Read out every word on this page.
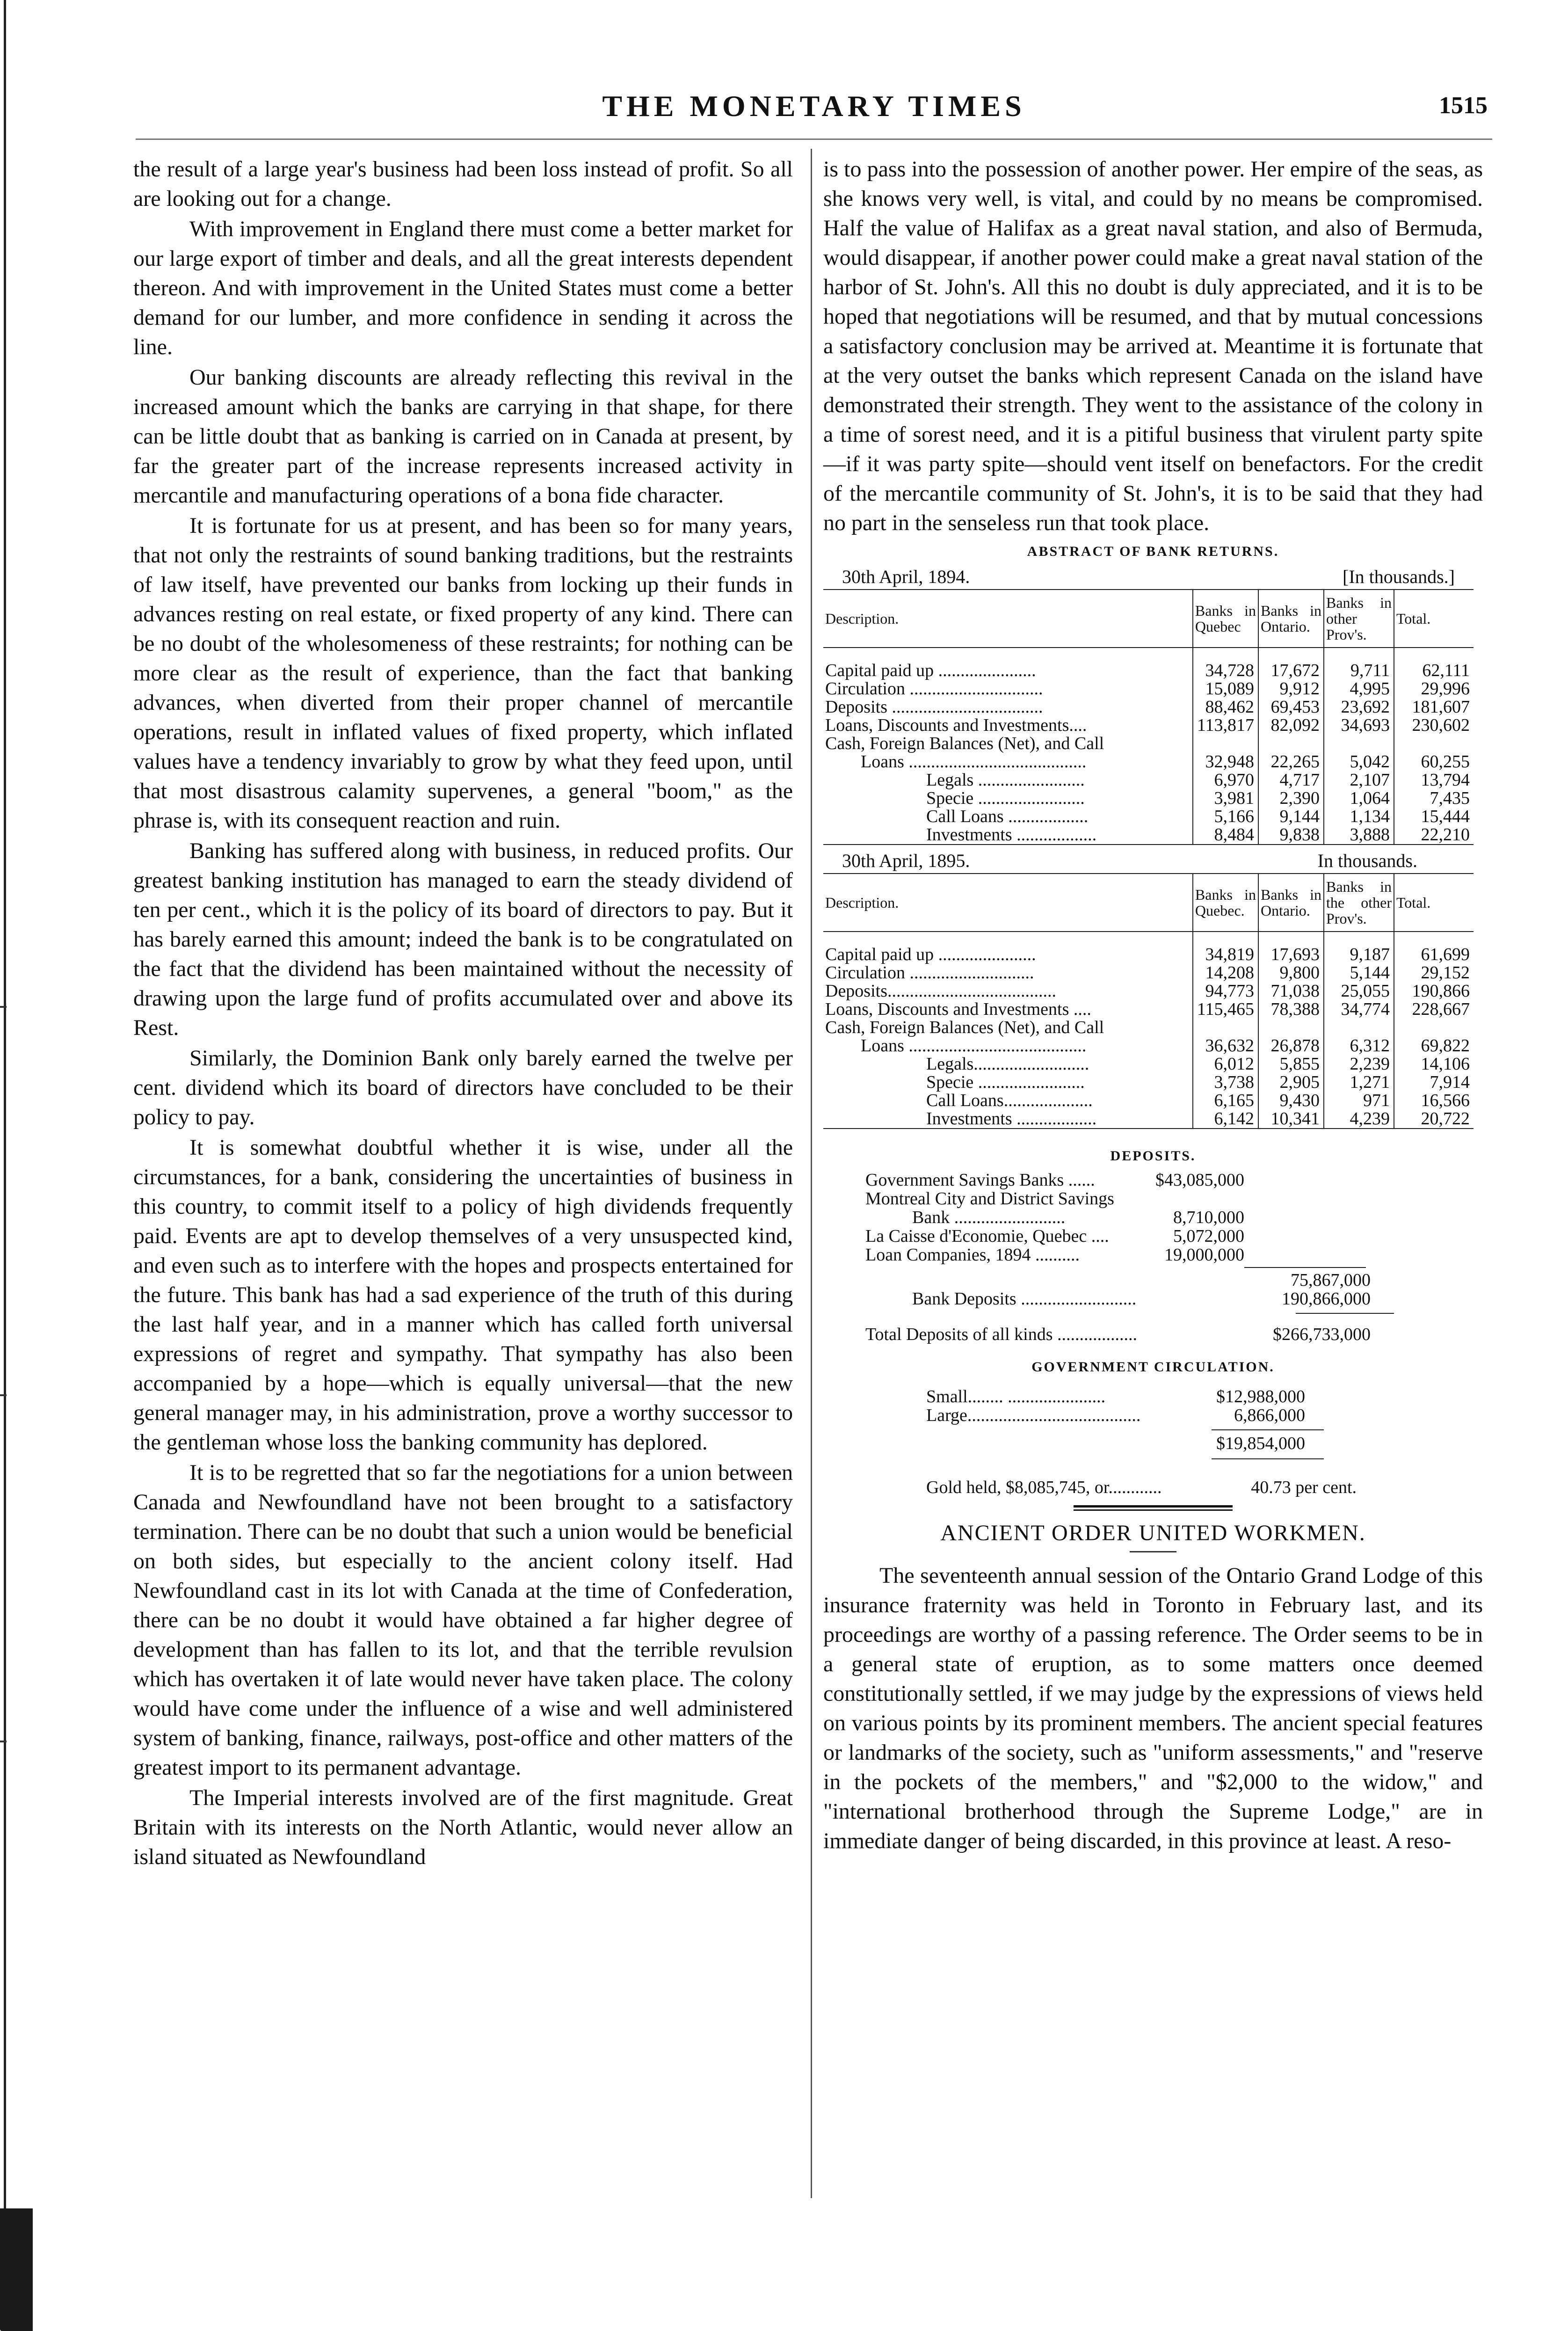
THE MONETARY TIMES	1515

the result of a large year's business had been loss instead of profit. So all are looking out for a change.

With improvement in England there must come a better market for our large export of timber and deals, and all the great interests dependent thereon. And with improvement in the United States must come a better demand for our lumber, and more confidence in sending it across the line.

Our banking discounts are already reflecting this revival in the increased amount which the banks are carrying in that shape, for there can be little doubt that as banking is carried on in Canada at present, by far the greater part of the increase represents increased activity in mercantile and manufacturing operations of a bona fide character.

It is fortunate for us at present, and has been so for many years, that not only the restraints of sound banking traditions, but the restraints of law itself, have prevented our banks from locking up their funds in advances resting on real estate, or fixed property of any kind. There can be no doubt of the wholesomeness of these restraints; for nothing can be more clear as the result of experience, than the fact that banking advances, when diverted from their proper channel of mercantile operations, result in inflated values of fixed property, which inflated values have a tendency invariably to grow by what they feed upon, until that most disastrous calamity supervenes, a general "boom," as the phrase is, with its consequent reaction and ruin.

Banking has suffered along with business, in reduced profits. Our greatest banking institution has managed to earn the steady dividend of ten per cent., which it is the policy of its board of directors to pay. But it has barely earned this amount; indeed the bank is to be congratulated on the fact that the dividend has been maintained without the necessity of drawing upon the large fund of profits accumulated over and above its Rest.

Similarly, the Dominion Bank only barely earned the twelve per cent. dividend which its board of directors have concluded to be their policy to pay.

It is somewhat doubtful whether it is wise, under all the circumstances, for a bank, considering the uncertainties of business in this country, to commit itself to a policy of high dividends frequently paid. Events are apt to develop themselves of a very unsuspected kind, and even such as to interfere with the hopes and prospects entertained for the future. This bank has had a sad experience of the truth of this during the last half year, and in a manner which has called forth universal expressions of regret and sympathy. That sympathy has also been accompanied by a hope—which is equally universal—that the new general manager may, in his administration, prove a worthy successor to the gentleman whose loss the banking community has deplored.

It is to be regretted that so far the negotiations for a union between Canada and Newfoundland have not been brought to a satisfactory termination. There can be no doubt that such a union would be beneficial on both sides, but especially to the ancient colony itself. Had Newfoundland cast in its lot with Canada at the time of Confederation, there can be no doubt it would have obtained a far higher degree of development than has fallen to its lot, and that the terrible revulsion which has overtaken it of late would never have taken place. The colony would have come under the influence of a wise and well administered system of banking, finance, railways, post-office and other matters of the greatest import to its permanent advantage.

The Imperial interests involved are of the first magnitude. Great Britain with its interests on the North Atlantic, would never allow an island situated as Newfoundland

is to pass into the possession of another power. Her empire of the seas, as she knows very well, is vital, and could by no means be compromised. Half the value of Halifax as a great naval station, and also of Bermuda, would disappear, if another power could make a great naval station of the harbor of St. John's. All this no doubt is duly appreciated, and it is to be hoped that negotiations will be resumed, and that by mutual concessions a satisfactory conclusion may be arrived at. Meantime it is fortunate that at the very outset the banks which represent Canada on the island have demonstrated their strength. They went to the assistance of the colony in a time of sorest need, and it is a pitiful business that virulent party spite—if it was party spite—should vent itself on benefactors. For the credit of the mercantile community of St. John's, it is to be said that they had no part in the senseless run that took place.

ABSTRACT OF BANK RETURNS.
30th April, 1894.	[In thousands.]
Description.	Banks in Quebec	Banks in Ontario.	Banks in other Prov's.	Total.

Capital paid up ......................	34,728	17,672	9,711	62,111
Circulation ..............................	15,089	9,912	4,995	29,996
Deposits ..................................	88,462	69,453	23,692	181,607
Loans, Discounts and Investments....	113,817	82,092	34,693	230,602
Cash, Foreign Balances (Net), and Call				
Loans ........................................	32,948	22,265	5,042	60,255
Legals ........................	6,970	4,717	2,107	13,794
Specie ........................	3,981	2,390	1,064	7,435
Call Loans ..................	5,166	9,144	1,134	15,444
Investments ..................	8,484	9,838	3,888	22,210
30th April, 1895.	In thousands.
Description.	Banks in Quebec.	Banks in Ontario.	Banks in the other Prov's.	Total.

Capital paid up ......................	34,819	17,693	9,187	61,699
Circulation ............................	14,208	9,800	5,144	29,152
Deposits......................................	94,773	71,038	25,055	190,866
Loans, Discounts and Investments ....	115,465	78,388	34,774	228,667
Cash, Foreign Balances (Net), and Call				
Loans ........................................	36,632	26,878	6,312	69,822
Legals..........................	6,012	5,855	2,239	14,106
Specie ........................	3,738	2,905	1,271	7,914
Call Loans....................	6,165	9,430	971	16,566
Investments ..................	6,142	10,341	4,239	20,722
DEPOSITS.
Government Savings Banks ......	$43,085,000
Montreal City and District Savings
Bank .........................	8,710,000
La Caisse d'Economie, Quebec ....	5,072,000
Loan Companies, 1894 ..........	19,000,000
75,867,000
Bank Deposits ..........................	190,866,000
Total Deposits of all kinds ..................	$266,733,000
GOVERNMENT CIRCULATION.
Small........ ......................	$12,988,000
Large.......................................	6,866,000
$19,854,000
Gold held, $8,085,745, or............	40.73 per cent.
ANCIENT ORDER UNITED WORKMEN.

The seventeenth annual session of the Ontario Grand Lodge of this insurance fraternity was held in Toronto in February last, and its proceedings are worthy of a passing reference. The Order seems to be in a general state of eruption, as to some matters once deemed constitutionally settled, if we may judge by the expressions of views held on various points by its prominent members. The ancient special features or landmarks of the society, such as "uniform assessments," and "reserve in the pockets of the members," and "$2,000 to the widow," and "international brotherhood through the Supreme Lodge," are in immediate danger of being discarded, in this province at least. A reso-
